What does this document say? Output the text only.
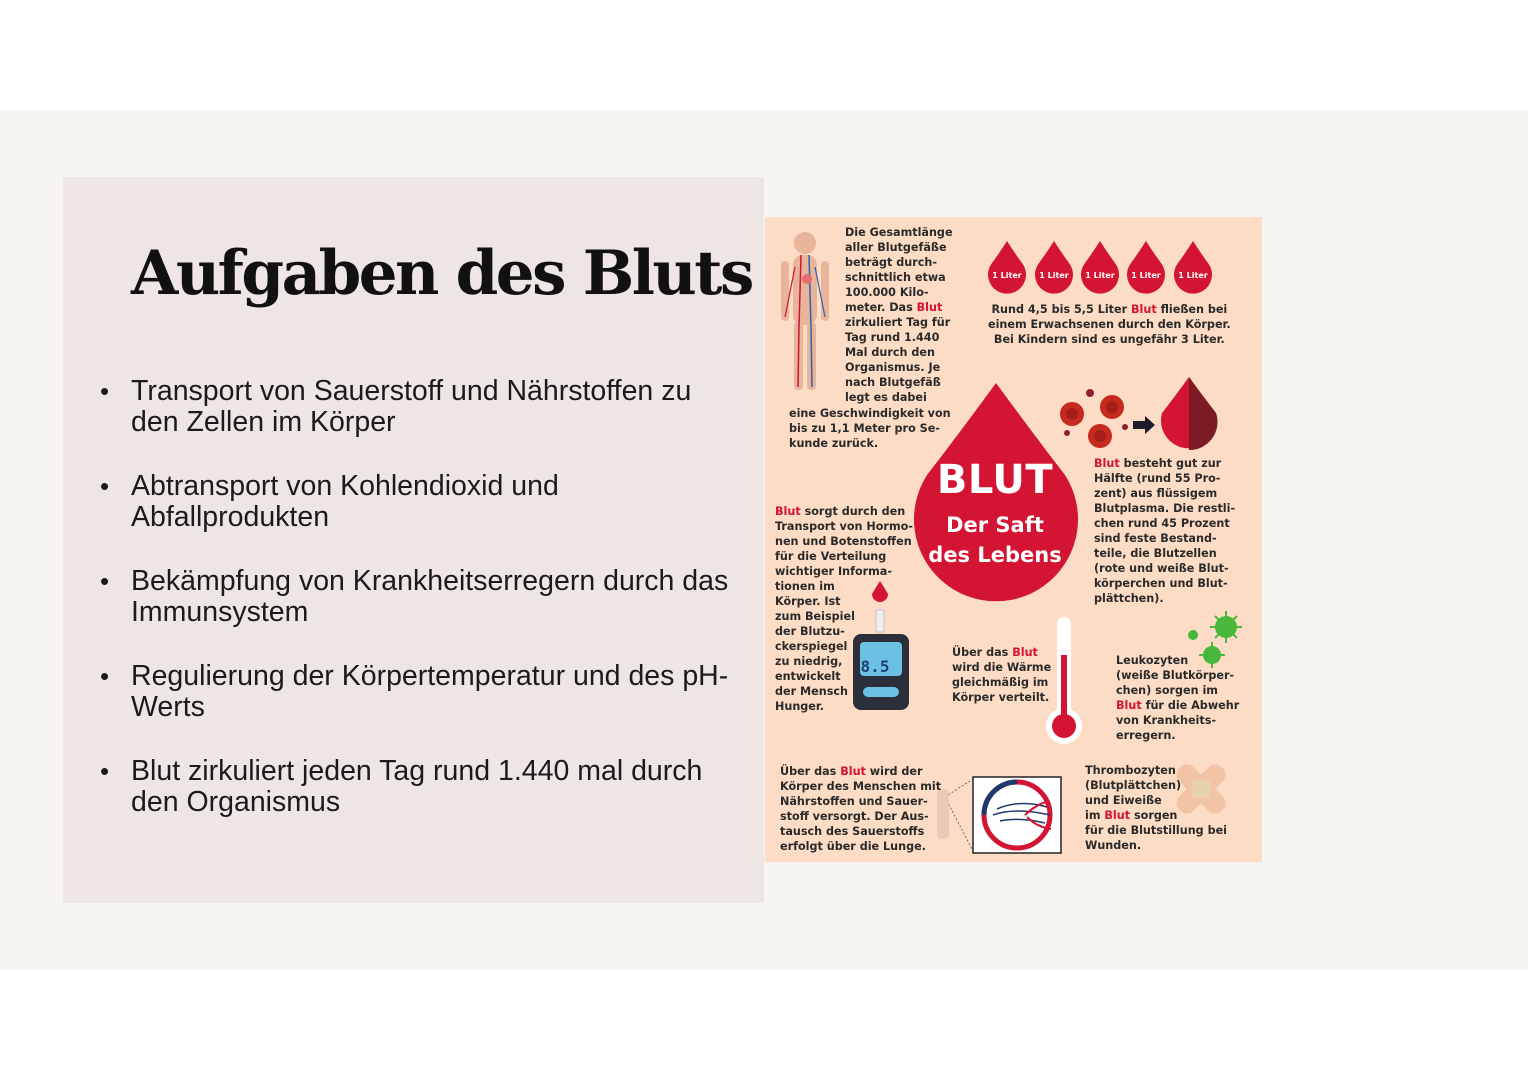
Aufgaben des Bluts
• Transport von Sauerstoff und Nährstoffen zu den Zellen im Körper
• Abtransport von Kohlendioxid und Abfallprodukten
• Bekämpfung von Krankheitserregern durch das Immunsystem
• Regulierung der Körpertemperatur und des pH-Werts
• Blut zirkuliert jeden Tag rund 1.440 mal durch den Organismus
1 Liter	1 Liter	1 Liter	1 Liter	1 Liter
BLUT
Der Saft
des Lebens
8.5
Die Gesamtlänge
aller Blutgefäße
beträgt durch-
schnittlich etwa
100.000 Kilo-
meter. Das Blut
zirkuliert Tag für
Tag rund 1.440
Mal durch den
Organismus. Je
nach Blutgefäß
legt es dabei
eine Geschwindigkeit von
bis zu 1,1 Meter pro Se-
kunde zurück.
Rund 4,5 bis 5,5 Liter Blut fließen bei
einem Erwachsenen durch den Körper.
Bei Kindern sind es ungefähr 3 Liter.
Blut besteht gut zur
Hälfte (rund 55 Pro-
zent) aus flüssigem
Blutplasma. Die restli-
chen rund 45 Prozent
sind feste Bestand-
teile, die Blutzellen
(rote und weiße Blut-
körperchen und Blut-
plättchen).
Blut sorgt durch den
Transport von Hormo-
nen und Botenstoffen
für die Verteilung
wichtiger Informa-
tionen im
Körper. Ist
zum Beispiel
der Blutzu-
ckerspiegel
zu niedrig,
entwickelt
der Mensch
Hunger.
Über das Blut
wird die Wärme
gleichmäßig im
Körper verteilt.
Leukozyten
(weiße Blutkörper-
chen) sorgen im
Blut für die Abwehr
von Krankheits-
erregern.
Über das Blut wird der
Körper des Menschen mit
Nährstoffen und Sauer-
stoff versorgt. Der Aus-
tausch des Sauerstoffs
erfolgt über die Lunge.
Thrombozyten
(Blutplättchen)
und Eiweiße
im Blut sorgen
für die Blutstillung bei
Wunden.
